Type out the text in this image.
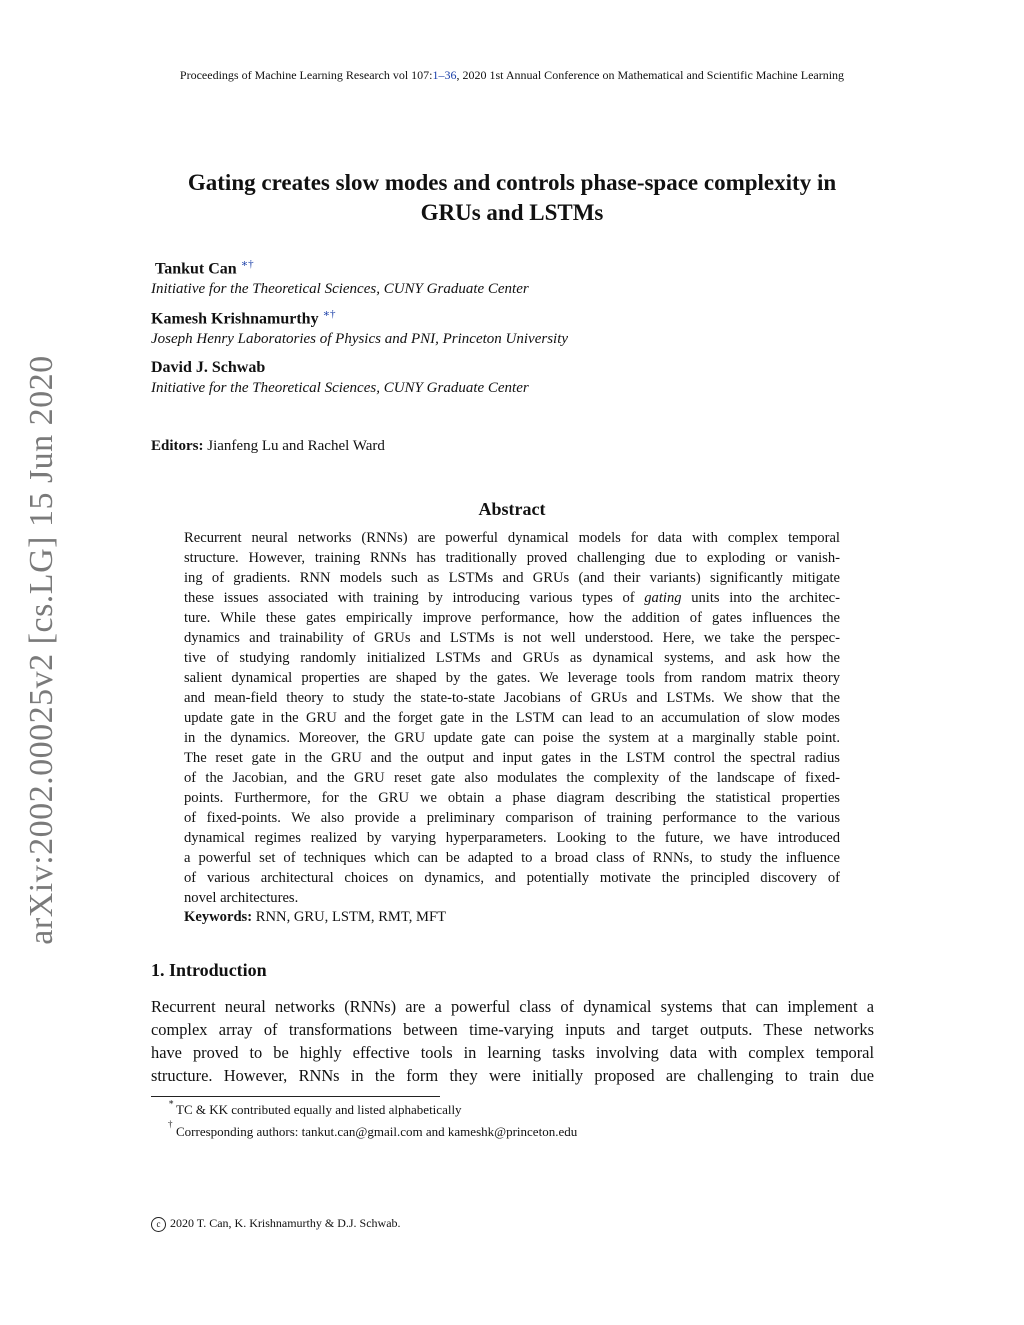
Proceedings of Machine Learning Research vol 107:1–36, 2020 1st Annual Conference on Mathematical and Scientific Machine Learning
arXiv:2002.00025v2 [cs.LG] 15 Jun 2020
Gating creates slow modes and controls phase-space complexity in
GRUs and LSTMs
Tankut Can ∗†
Initiative for the Theoretical Sciences, CUNY Graduate Center
Kamesh Krishnamurthy ∗†
Joseph Henry Laboratories of Physics and PNI, Princeton University
David J. Schwab
Initiative for the Theoretical Sciences, CUNY Graduate Center
Editors: Jianfeng Lu and Rachel Ward
Abstract
Recurrent neural networks (RNNs) are powerful dynamical models for data with complex temporal
structure. However, training RNNs has traditionally proved challenging due to exploding or vanish-
ing of gradients. RNN models such as LSTMs and GRUs (and their variants) significantly mitigate
these issues associated with training by introducing various types of gating units into the architec-
ture. While these gates empirically improve performance, how the addition of gates influences the
dynamics and trainability of GRUs and LSTMs is not well understood. Here, we take the perspec-
tive of studying randomly initialized LSTMs and GRUs as dynamical systems, and ask how the
salient dynamical properties are shaped by the gates. We leverage tools from random matrix theory
and mean-field theory to study the state-to-state Jacobians of GRUs and LSTMs. We show that the
update gate in the GRU and the forget gate in the LSTM can lead to an accumulation of slow modes
in the dynamics. Moreover, the GRU update gate can poise the system at a marginally stable point.
The reset gate in the GRU and the output and input gates in the LSTM control the spectral radius
of the Jacobian, and the GRU reset gate also modulates the complexity of the landscape of fixed-
points. Furthermore, for the GRU we obtain a phase diagram describing the statistical properties
of fixed-points. We also provide a preliminary comparison of training performance to the various
dynamical regimes realized by varying hyperparameters. Looking to the future, we have introduced
a powerful set of techniques which can be adapted to a broad class of RNNs, to study the influence
of various architectural choices on dynamics, and potentially motivate the principled discovery of
novel architectures.
Keywords: RNN, GRU, LSTM, RMT, MFT
1. Introduction
Recurrent neural networks (RNNs) are a powerful class of dynamical systems that can implement a
complex array of transformations between time-varying inputs and target outputs. These networks
have proved to be highly effective tools in learning tasks involving data with complex temporal
structure. However, RNNs in the form they were initially proposed are challenging to train due
∗ TC & KK contributed equally and listed alphabetically
† Corresponding authors: tankut.can@gmail.com and kameshk@princeton.edu
c 2020 T. Can, K. Krishnamurthy & D.J. Schwab.
